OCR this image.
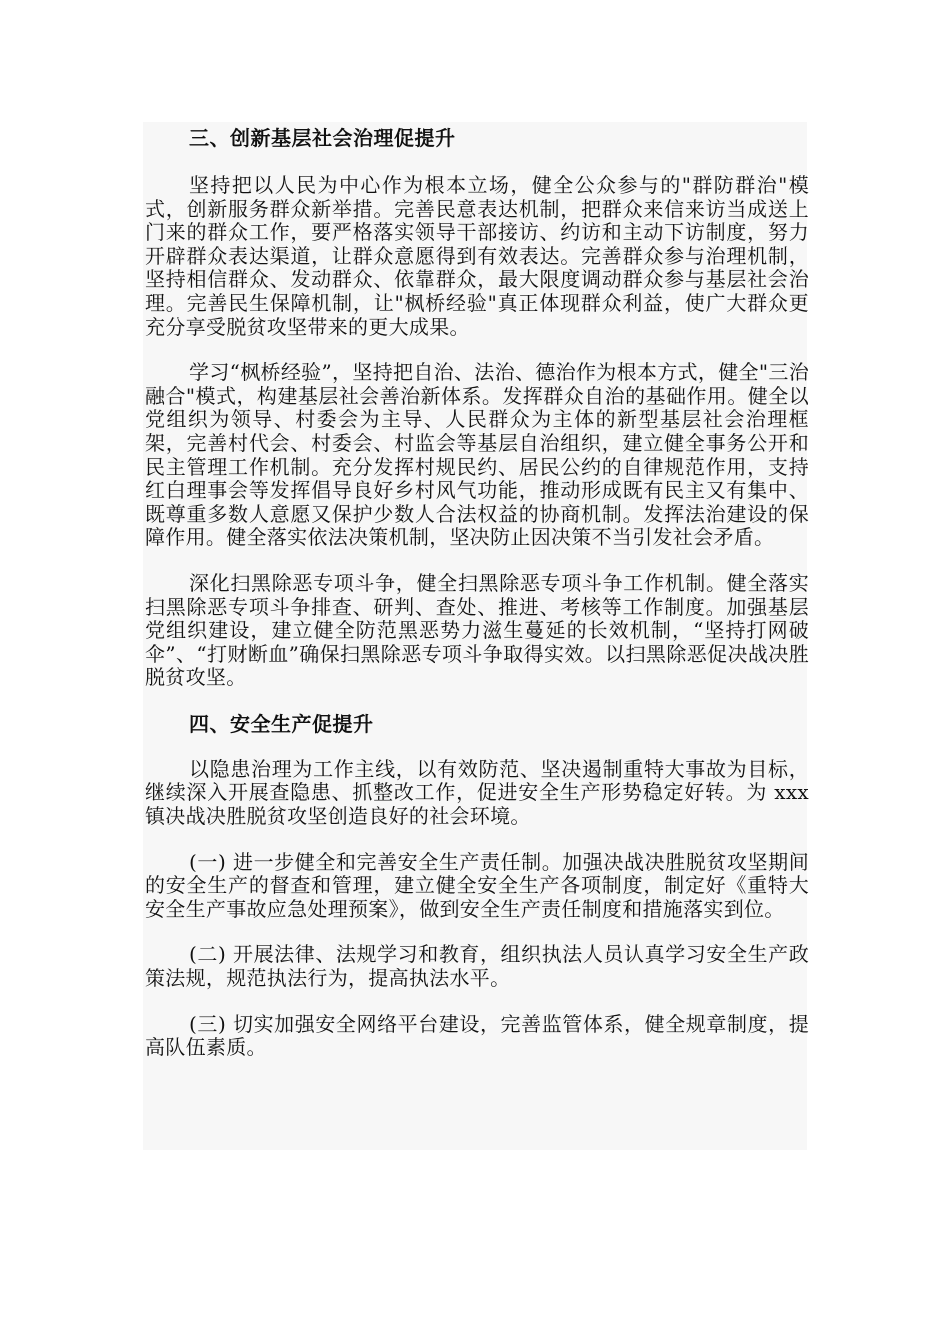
三、创新基层社会治理促提升

坚持把以人民为中心作为根本立场，健全公众参与的"群防群治"模式，创新服务群众新举措。完善民意表达机制，把群众来信来访当成送上门来的群众工作，要严格落实领导干部接访、约访和主动下访制度，努力开辟群众表达渠道，让群众意愿得到有效表达。完善群众参与治理机制，坚持相信群众、发动群众、依靠群众，最大限度调动群众参与基层社会治理。完善民生保障机制，让"枫桥经验"真正体现群众利益，使广大群众更充分享受脱贫攻坚带来的更大成果。

学习“枫桥经验”，坚持把自治、法治、德治作为根本方式，健全"三治融合"模式，构建基层社会善治新体系。发挥群众自治的基础作用。健全以党组织为领导、村委会为主导、人民群众为主体的新型基层社会治理框架，完善村代会、村委会、村监会等基层自治组织，建立健全事务公开和民主管理工作机制。充分发挥村规民约、居民公约的自律规范作用，支持红白理事会等发挥倡导良好乡村风气功能，推动形成既有民主又有集中、既尊重多数人意愿又保护少数人合法权益的协商机制。发挥法治建设的保障作用。健全落实依法决策机制，坚决防止因决策不当引发社会矛盾。

深化扫黑除恶专项斗争，健全扫黑除恶专项斗争工作机制。健全落实扫黑除恶专项斗争排查、研判、查处、推进、考核等工作制度。加强基层党组织建设，建立健全防范黑恶势力滋生蔓延的长效机制，“坚持打网破伞”、“打财断血”确保扫黑除恶专项斗争取得实效。以扫黑除恶促决战决胜脱贫攻坚。

四、安全生产促提升

以隐患治理为工作主线，以有效防范、坚决遏制重特大事故为目标，继续深入开展查隐患、抓整改工作，促进安全生产形势稳定好转。为 xxx 镇决战决胜脱贫攻坚创造良好的社会环境。

(一) 进一步健全和完善安全生产责任制。加强决战决胜脱贫攻坚期间的安全生产的督查和管理，建立健全安全生产各项制度，制定好《重特大安全生产事故应急处理预案》，做到安全生产责任制度和措施落实到位。

(二) 开展法律、法规学习和教育，组织执法人员认真学习安全生产政策法规，规范执法行为，提高执法水平。

(三) 切实加强安全网络平台建设，完善监管体系，健全规章制度，提高队伍素质。
